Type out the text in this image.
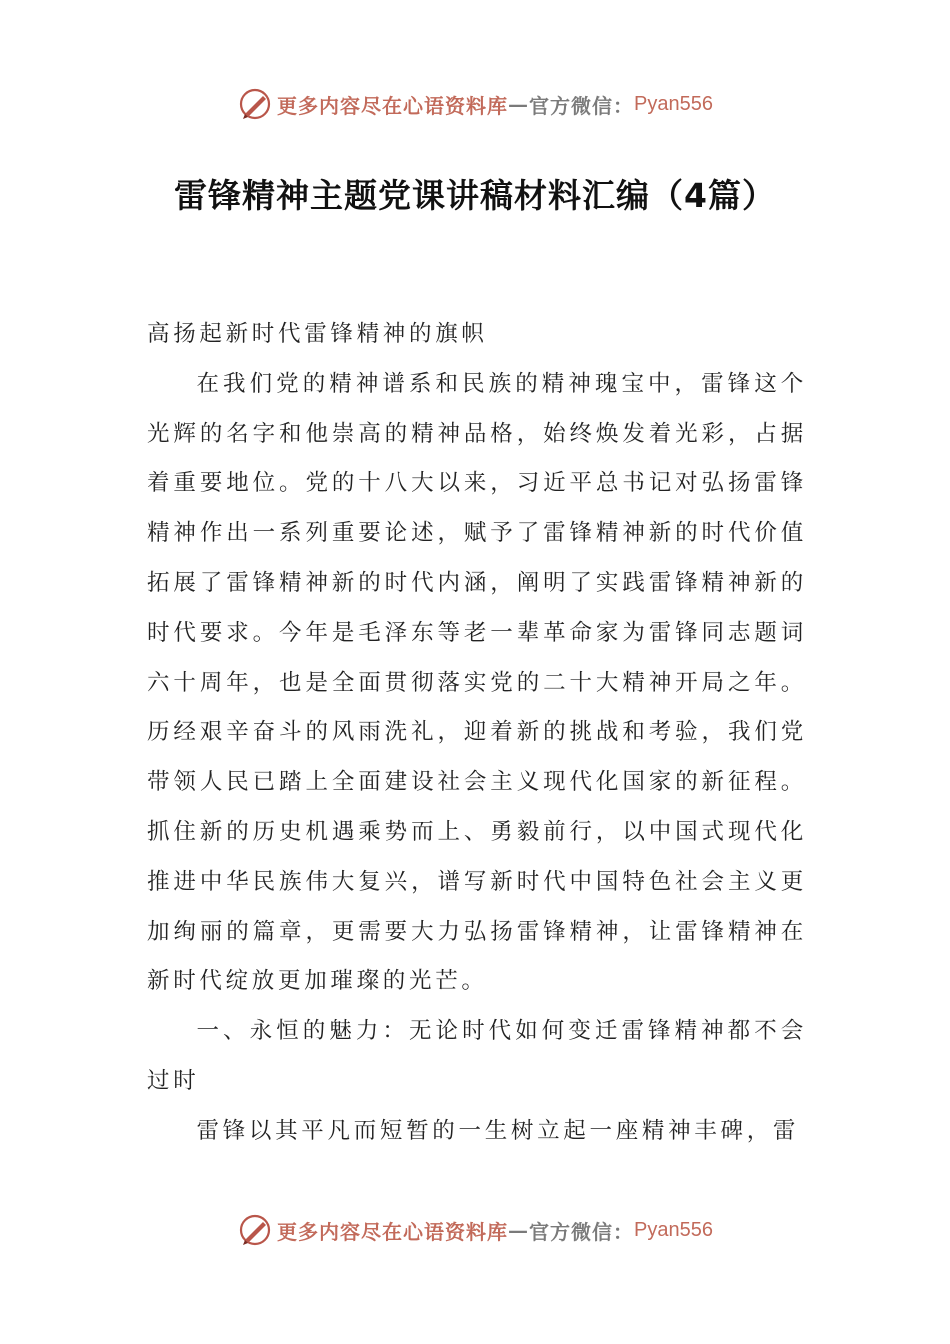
更多内容尽在心语资料库 — 官方微信： Pyan556
雷锋精神主题党课讲稿材料汇编（4篇）

高扬起新时代雷锋精神的旗帜

在我们党的精神谱系和民族的精神瑰宝中，雷锋这个光辉的名字和他崇高的精神品格，始终焕发着光彩，占据着重要地位。党的十八大以来，习近平总书记对弘扬雷锋精神作出一系列重要论述，赋予了雷锋精神新的时代价值拓展了雷锋精神新的时代内涵，阐明了实践雷锋精神新的时代要求。今年是毛泽东等老一辈革命家为雷锋同志题词六十周年，也是全面贯彻落实党的二十大精神开局之年。历经艰辛奋斗的风雨洗礼，迎着新的挑战和考验，我们党带领人民已踏上全面建设社会主义现代化国家的新征程。抓住新的历史机遇乘势而上、勇毅前行，以中国式现代化推进中华民族伟大复兴，谱写新时代中国特色社会主义更加绚丽的篇章，更需要大力弘扬雷锋精神，让雷锋精神在新时代绽放更加璀璨的光芒。

一、永恒的魅力：无论时代如何变迁雷锋精神都不会过时

雷锋以其平凡而短暂的一生树立起一座精神丰碑，雷

更多内容尽在心语资料库 — 官方微信： Pyan556
